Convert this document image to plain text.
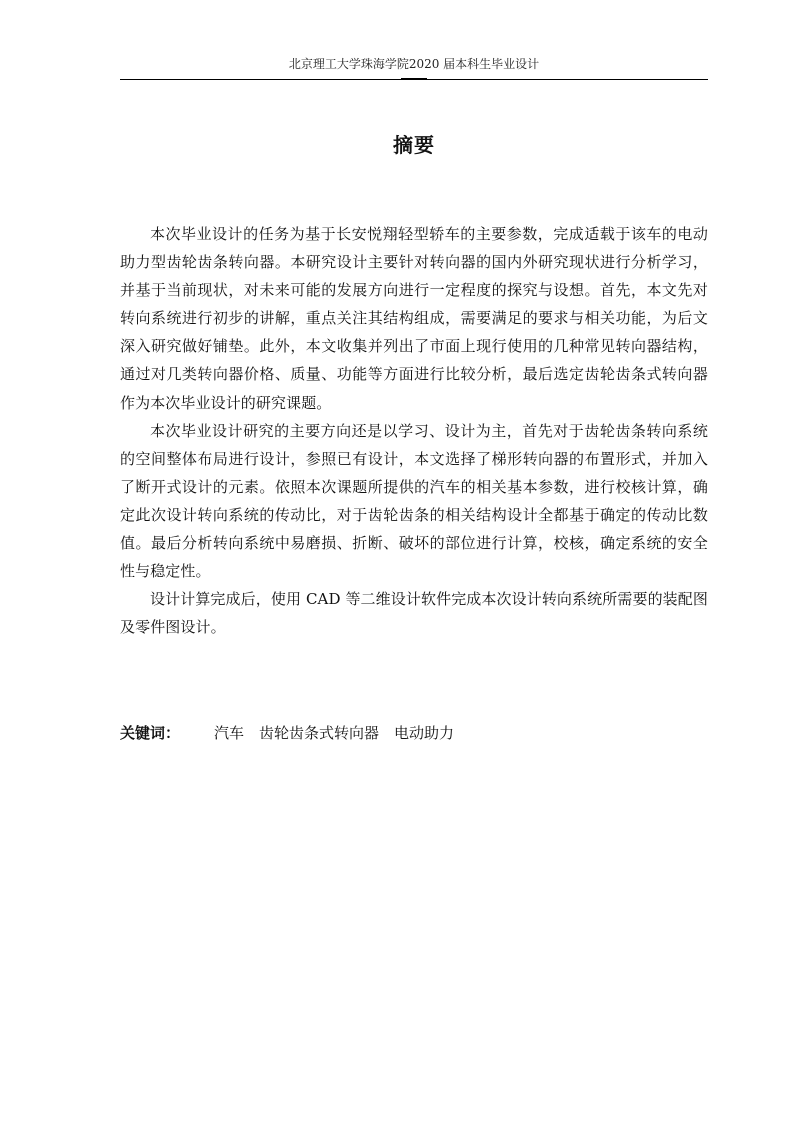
北京理工大学珠海学院2020 届本科生毕业设计
摘要

本次毕业设计的任务为基于长安悦翔轻型轿车的主要参数，完成适载于该车的电动助力型齿轮齿条转向器。本研究设计主要针对转向器的国内外研究现状进行分析学习，并基于当前现状，对未来可能的发展方向进行一定程度的探究与设想。首先，本文先对转向系统进行初步的讲解，重点关注其结构组成，需要满足的要求与相关功能，为后文深入研究做好铺垫。此外，本文收集并列出了市面上现行使用的几种常见转向器结构，通过对几类转向器价格、质量、功能等方面进行比较分析，最后选定齿轮齿条式转向器作为本次毕业设计的研究课题。

本次毕业设计研究的主要方向还是以学习、设计为主，首先对于齿轮齿条转向系统的空间整体布局进行设计，参照已有设计，本文选择了梯形转向器的布置形式，并加入了断开式设计的元素。依照本次课题所提供的汽车的相关基本参数，进行校核计算，确定此次设计转向系统的传动比，对于齿轮齿条的相关结构设计全都基于确定的传动比数值。最后分析转向系统中易磨损、折断、破坏的部位进行计算，校核，确定系统的安全性与稳定性。

设计计算完成后，使用 CAD 等二维设计软件完成本次设计转向系统所需要的装配图及零件图设计。

关键词： 汽车 齿轮齿条式转向器 电动助力
